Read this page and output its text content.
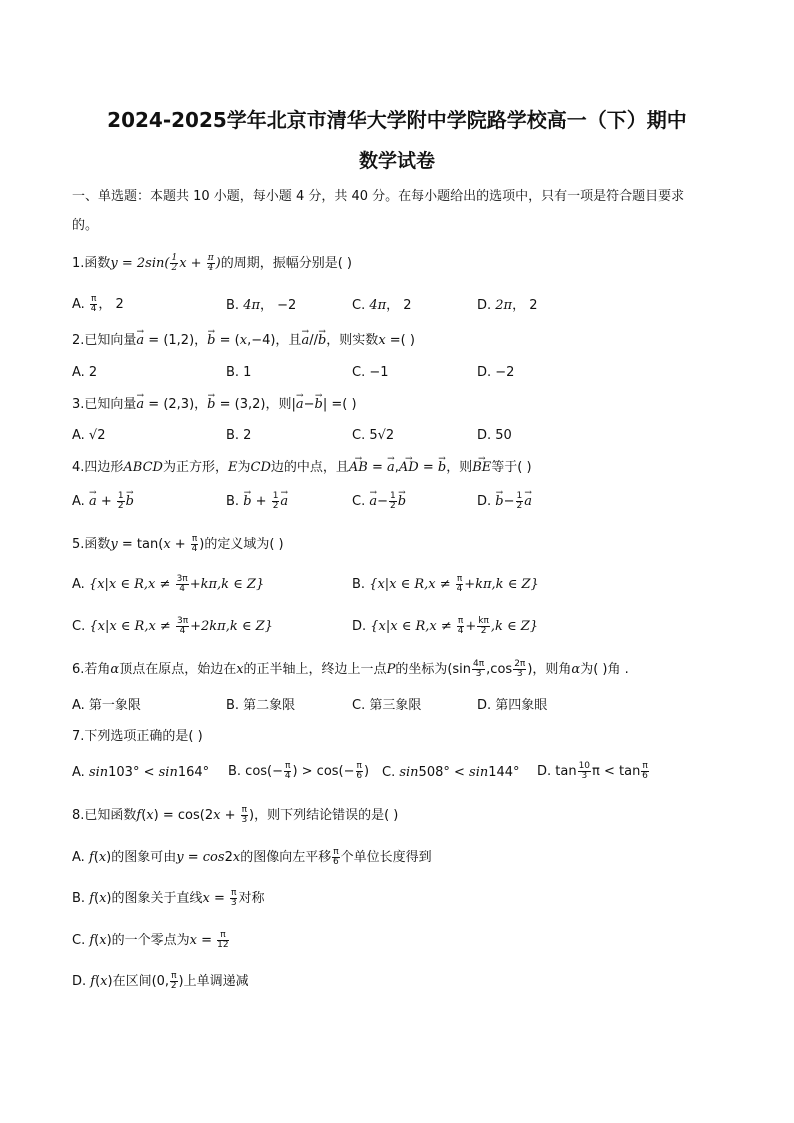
2024-2025学年北京市清华大学附中学院路学校高一（下）期中
数学试卷
一、单选题：本题共 10 小题，每小题 4 分，共 40 分。在每小题给出的选项中，只有一项是符合题目要求
的。
1.函数$y = 2\sin( \frac{1}{2}$ $x + \frac{\pi}{4}$ )的周期，振幅分别是( )
A. $\frac{\pi}{4}$ ， 2	B. 4π， −2	C. 4π， 2	D. 2π， 2
2.已知向量→ a = (1,2)，→ b = (x,−4)，且→ a//→ b，则实数x =( )
A. 2	B. 1	C. −1	D. −2
3.已知向量→ a = (2,3)，→ b = (3,2)，则|→ a−→ b| =( )
A. √2	B. 2	C. 5√2	D. 50
4.四边形ABCD为正方形，E为CD边的中点，且→ AB = → a,→ AD = → b，则→ BE等于( )
A. → $a + \frac{1}{2}$
→ b	B. → $b + \frac{1}{2}$
→ a	C. → $a- \frac{1}{2}$
→ b	D. → $b- \frac{1}{2}$
→ a
5.函数$y = \tan(x + \frac{\pi}{4}$ )的定义域为( )
A. {x|x ∈ $R,x \ne \frac{3\pi}{4} +k\pi,k$ ∈ Z}	B. {x|x ∈ $R,x \ne \frac{\pi}{4} +k\pi,k$ ∈ Z}
C. {x|x ∈ $R,x \ne \frac{3\pi}{4} +2k\pi,k$ ∈ Z}	D. {x|x ∈ $R,x \ne \frac{\pi}{4} + \frac{k\pi}{2} ,k$ ∈ Z}
6.若角α顶点在原点，始边在x的正半轴上，终边上一点P的坐标为($\sin \frac{4\pi}{3} ,\cos \frac{2\pi}{3}$ )，则角α为( )角 .
A. 第一象限	B. 第二象限	C. 第三象限	D. 第四象眼
7.下列选项正确的是( )
A. sin103° < sin164° B. $\cos(- \frac{\pi}{4}$ ) > $\cos(- \frac{\pi}{6}$ ) C. sin508° < sin144° D. $\tan \frac{10}{3}$ $\pi < \tan \frac{\pi}{6}$
8.已知函数$f(x) = \cos(2x + \frac{\pi}{3}$ )，则下列结论错误的是( )
A. f(x)的图象可由y = cos2x的图像向左平移 $\frac{\pi}{6}$ 个单位长度得到
B. f(x)的图象关于直线$x = \frac{\pi}{3}$ 对称
C. f(x)的一个零点为$x = \frac{\pi}{12}$
D. f(x)在区间(0, $\frac{\pi}{2}$ )上单调递减
